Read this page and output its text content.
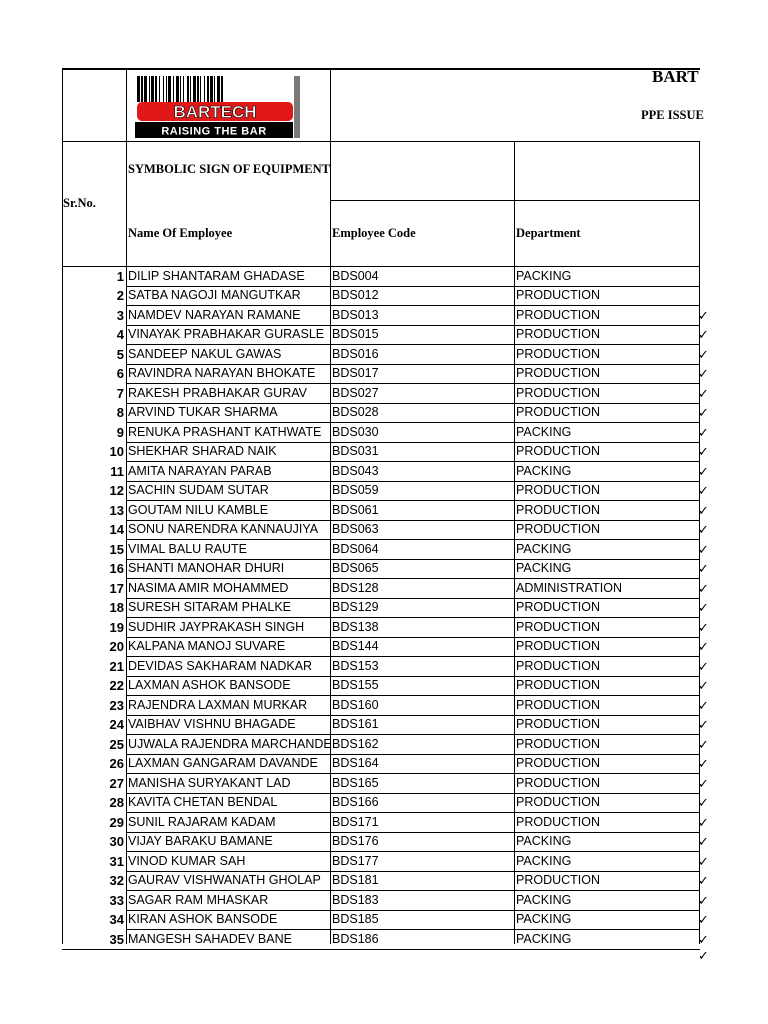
BARTECH
RAISING THE BAR
BART
PPE ISSUE
Sr.No.
SYMBOLIC SIGN OF EQUIPMENT
Name Of Employee	Employee Code	Department
1 DILIP SHANTARAM GHADASE BDS004	PACKING
2 SATBA NAGOJI MANGUTKAR	BDS012	PRODUCTION
3 NAMDEV NARAYAN RAMANE	BDS013	PRODUCTION	✓
4 VINAYAK PRABHAKAR GURASLE BDS015	PRODUCTION	✓
5 SANDEEP NAKUL GAWAS	BDS016	PRODUCTION	✓
6 RAVINDRA NARAYAN BHOKATE BDS017	PRODUCTION	✓
7 RAKESH PRABHAKAR GURAV BDS027	PRODUCTION	✓
8 ARVIND TUKAR SHARMA	BDS028	PRODUCTION	✓
9 RENUKA PRASHANT KATHWATE BDS030	PACKING	✓
10 SHEKHAR SHARAD NAIK	BDS031	PRODUCTION	✓
11 AMITA NARAYAN PARAB	BDS043	PACKING	✓
12 SACHIN SUDAM SUTAR	BDS059	PRODUCTION	✓
13 GOUTAM NILU KAMBLE	BDS061	PRODUCTION	✓
14 SONU NARENDRA KANNAUJIYA BDS063	PRODUCTION	✓
15 VIMAL BALU RAUTE	BDS064	PACKING	✓
16 SHANTI MANOHAR DHURI	BDS065	PACKING	✓
17 NASIMA AMIR MOHAMMED	BDS128	ADMINISTRATION	✓
18 SURESH SITARAM PHALKE	BDS129	PRODUCTION	✓
19 SUDHIR JAYPRAKASH SINGH BDS138	PRODUCTION	✓
20 KALPANA MANOJ SUVARE	BDS144	PRODUCTION	✓
21 DEVIDAS SAKHARAM NADKAR BDS153	PRODUCTION	✓
22 LAXMAN ASHOK BANSODE	BDS155	PRODUCTION	✓
23 RAJENDRA LAXMAN MURKAR BDS160	PRODUCTION	✓
24 VAIBHAV VISHNU BHAGADE	BDS161	PRODUCTION	✓
25 UJWALA RAJENDRA MARCHANDE BDS162	PRODUCTION	✓
26 LAXMAN GANGARAM DAVANDE BDS164	PRODUCTION	✓
27 MANISHA SURYAKANT LAD	BDS165	PRODUCTION	✓
28 KAVITA CHETAN BENDAL	BDS166	PRODUCTION	✓
29 SUNIL RAJARAM KADAM	BDS171	PRODUCTION	✓
30 VIJAY BARAKU BAMANE	BDS176	PACKING	✓
31 VINOD KUMAR SAH	BDS177	PACKING	✓
32 GAURAV VISHWANATH GHOLAP BDS181	PRODUCTION	✓
33 SAGAR RAM MHASKAR	BDS183	PACKING	✓
34 KIRAN ASHOK BANSODE	BDS185	PACKING	✓
35 MANGESH SAHADEV BANE	BDS186	PACKING	✓
✓
